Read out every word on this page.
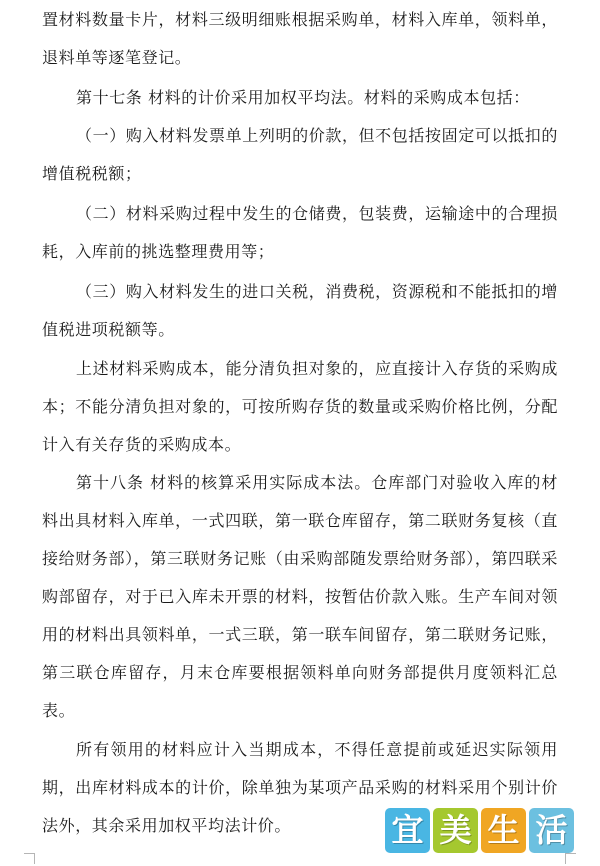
置材料数量卡片，材料三级明细账根据采购单，材料入库单，领料单，退料单等逐笔登记。

第十七条 材料的计价采用加权平均法。材料的采购成本包括：

（一）购入材料发票单上列明的价款，但不包括按固定可以抵扣的增值税税额；

（二）材料采购过程中发生的仓储费，包装费，运输途中的合理损耗，入库前的挑选整理费用等；

（三）购入材料发生的进口关税，消费税，资源税和不能抵扣的增值税进项税额等。

上述材料采购成本，能分清负担对象的，应直接计入存货的采购成本；不能分清负担对象的，可按所购存货的数量或采购价格比例，分配计入有关存货的采购成本。

第十八条 材料的核算采用实际成本法。仓库部门对验收入库的材料出具材料入库单，一式四联，第一联仓库留存，第二联财务复核（直接给财务部），第三联财务记账（由采购部随发票给财务部），第四联采购部留存，对于已入库未开票的材料，按暂估价款入账。生产车间对领用的材料出具领料单，一式三联，第一联车间留存，第二联财务记账，第三联仓库留存，月末仓库要根据领料单向财务部提供月度领料汇总表。

所有领用的材料应计入当期成本，不得任意提前或延迟实际领用期，出库材料成本的计价，除单独为某项产品采购的材料采用个别计价法外，其余采用加权平均法计价。	宜 美 生 活
